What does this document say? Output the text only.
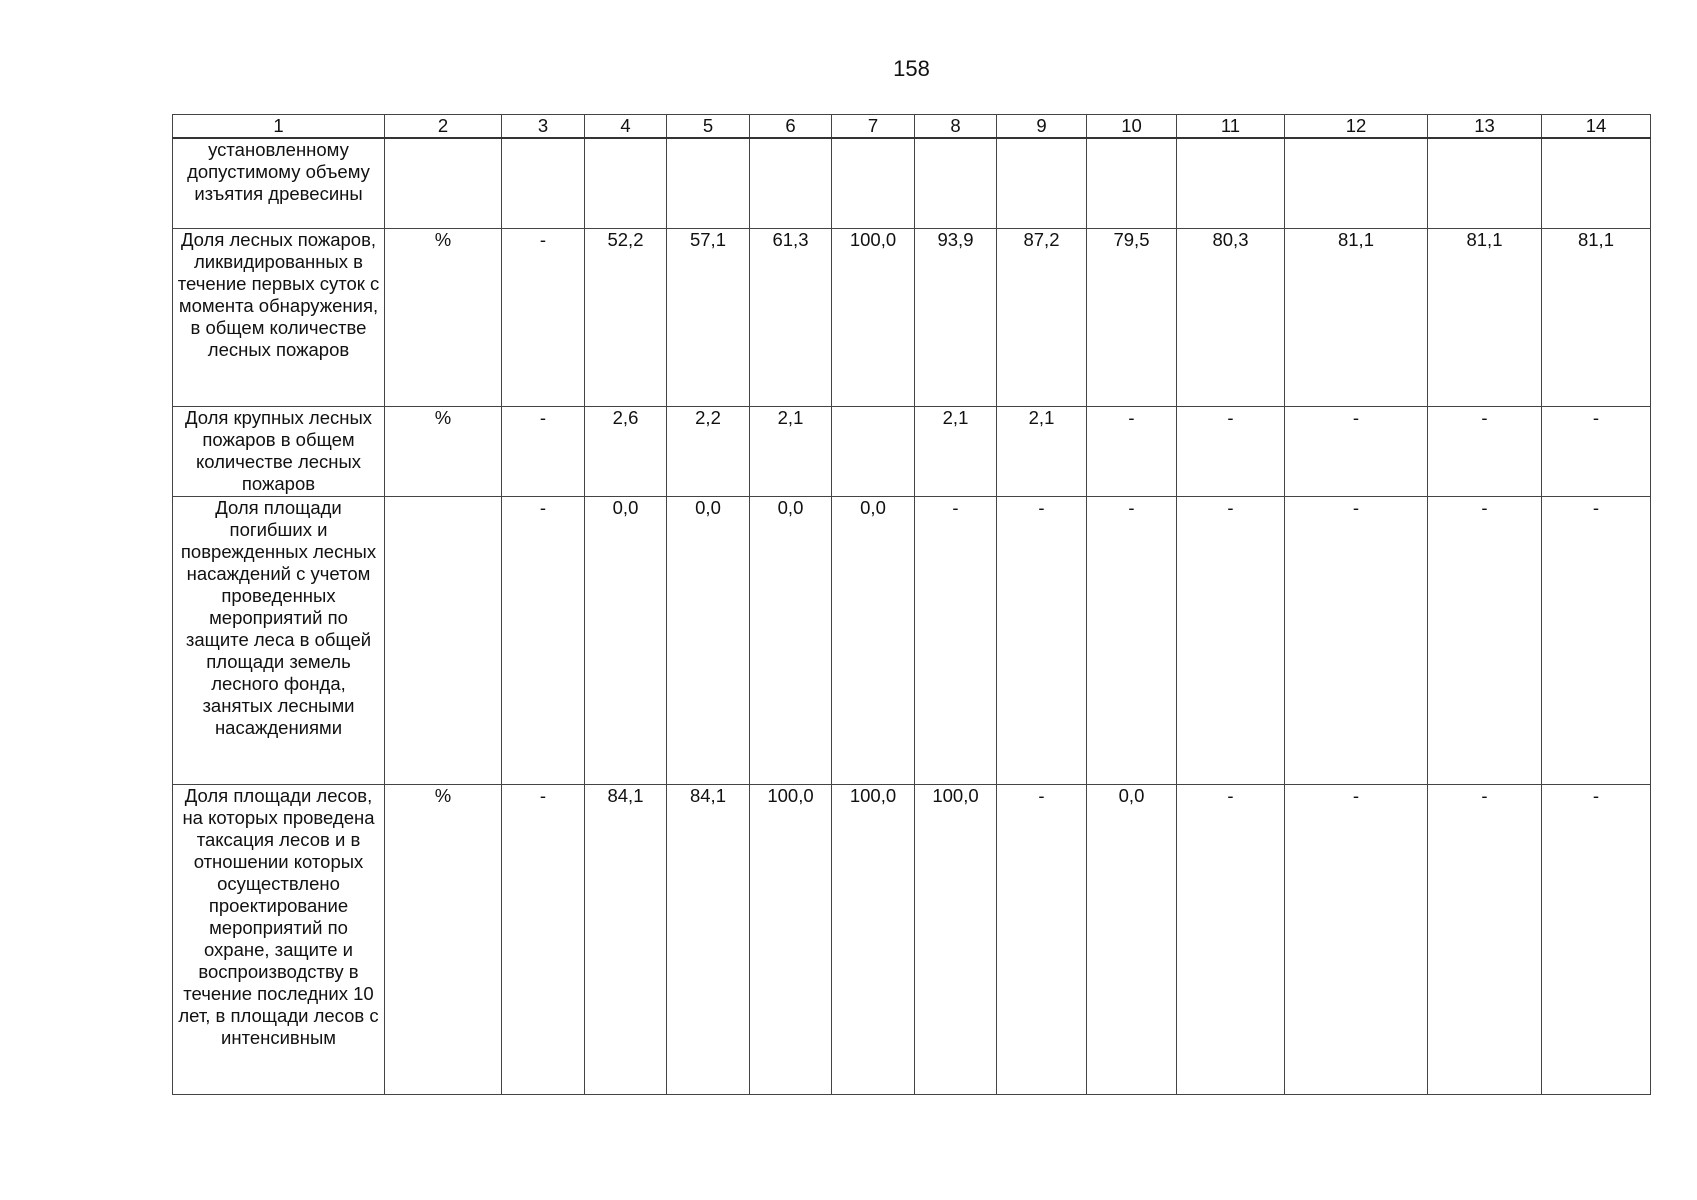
158
1	2	3	4	5	6	7	8	9	10	11	12	13	14
установленному допустимому объему изъятия древесины													
Доля лесных пожаров, ликвидированных в течение первых суток с момента обнаружения, в общем количестве лесных пожаров	%	-	52,2	57,1	61,3	100,0	93,9	87,2	79,5	80,3	81,1	81,1	81,1
Доля крупных лесных пожаров в общем количестве лесных пожаров	%	-	2,6	2,2	2,1		2,1	2,1	-	-	-	-	-
Доля площади погибших и поврежденных лесных насаждений с учетом проведенных мероприятий по защите леса в общей площади земель лесного фонда, занятых лесными насаждениями		-	0,0	0,0	0,0	0,0	-	-	-	-	-	-	-
Доля площади лесов, на которых проведена таксация лесов и в отношении которых осуществлено проектирование мероприятий по охране, защите и воспроизводству в течение последних 10 лет, в площади лесов с интенсивным	%	-	84,1	84,1	100,0	100,0	100,0	-	0,0	-	-	-	-
